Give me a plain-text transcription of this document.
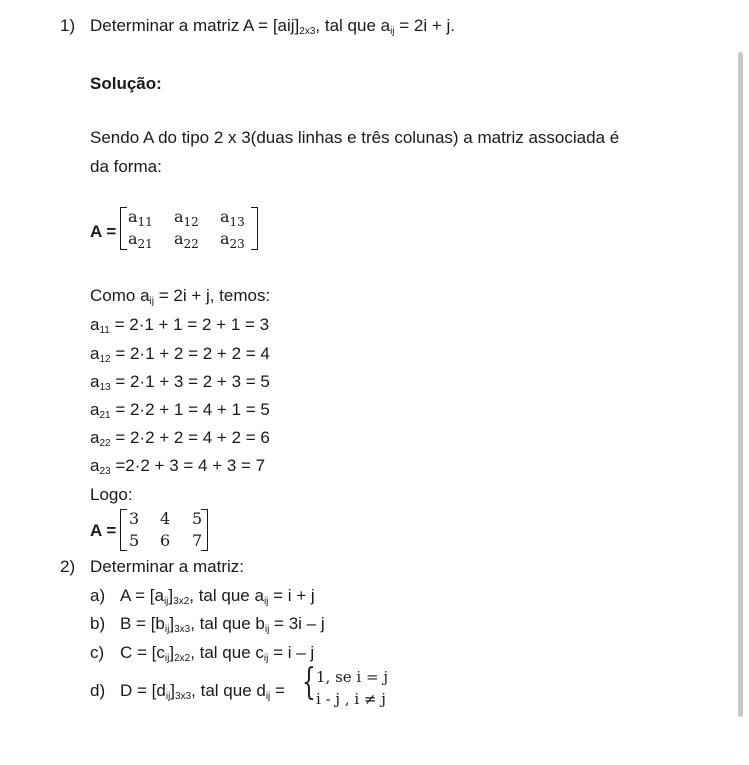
1) Determinar a matriz $A = [aij]_{2x3}$, tal que $a_{ij} = 2i + j$.
Solução:
Sendo A do tipo 2 x 3(duas linhas e três colunas) a matriz associada é
da forma:
A =
$a_{11}$ $a_{12}$ $a_{13}$
$a_{21}$ $a_{22}$ $a_{23}$
Como $a_{ij} = 2i + j$, temos:
$a_{11} = 2\cdot 1 + 1 = 2 + 1 = 3$
$a_{12} = 2\cdot 1 + 2 = 2 + 2 = 4$
$a_{13} = 2\cdot 1 + 3 = 2 + 3 = 5$
$a_{21} = 2\cdot 2 + 1 = 4 + 1 = 5$
$a_{22} = 2\cdot 2 + 2 = 4 + 2 = 6$
$a_{23} =2\cdot 2 + 3 = 4 + 3 = 7$
Logo:
A =
3 4 5
5 6 7
2) Determinar a matriz:
a) $A = [a_{ij}]_{3x2}$, tal que $a_{ij} = i + j$
b) $B = [b_{ij}]_{3x3}$, tal que $b_{ij} = 3i - j$
c) $C = [c_{ij}]_{2x2}$, tal que $c_{ij} = i - j$
d) $D = [d_{ij}]_{3x3}$, tal que $d_{ij}$ = { 1, se i = j
i - j , i ≠ j
